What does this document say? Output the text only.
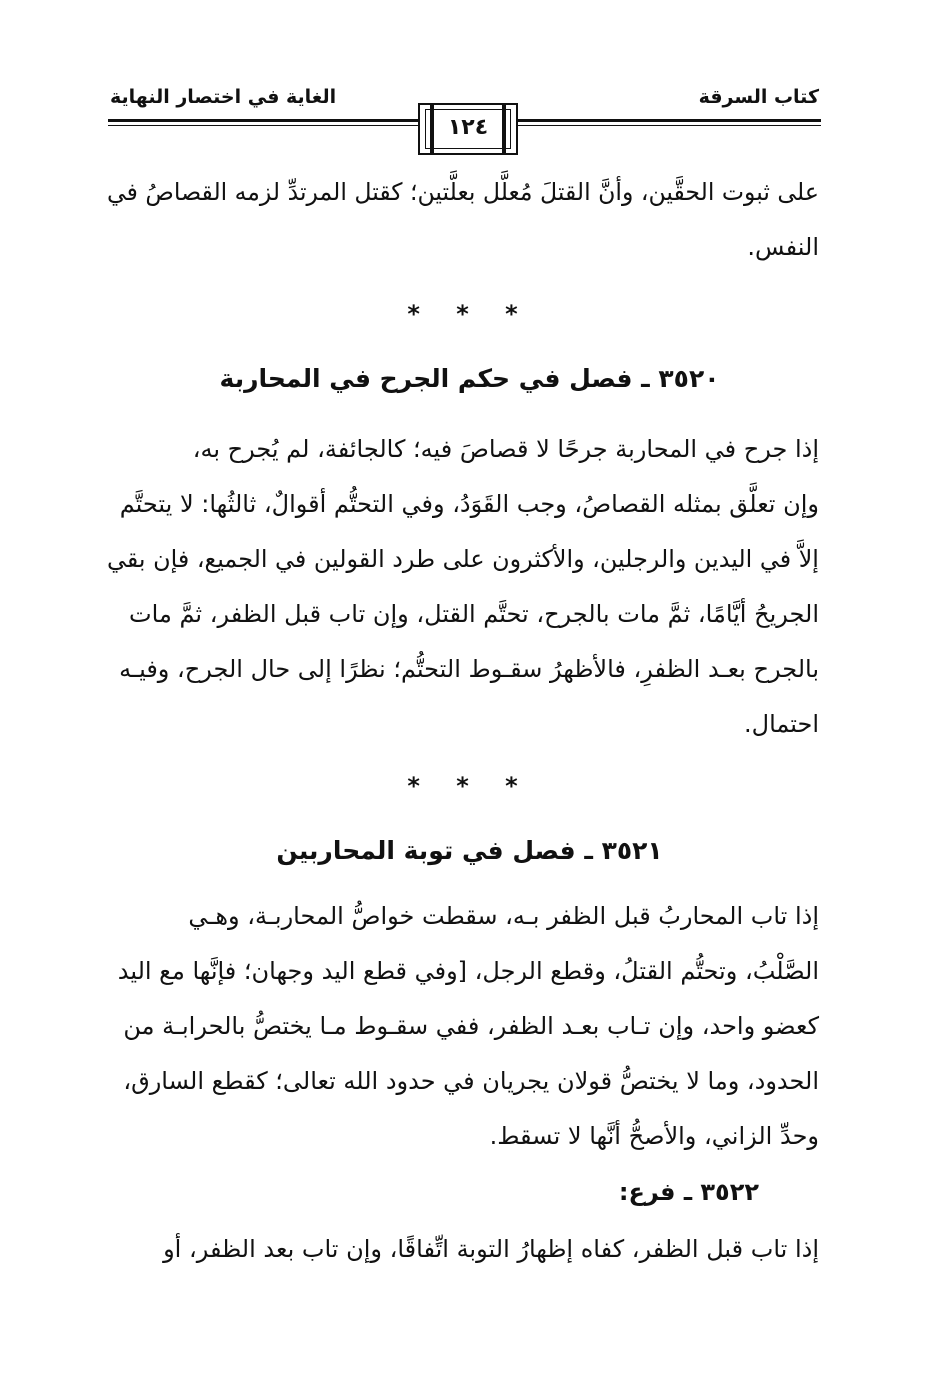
كتاب السرقة
الغاية في اختصار النهاية
١٢٤
على ثبوت الحقَّين، وأنَّ القتلَ مُعلَّل بعلَّتين؛ كقتل المرتدِّ لزمه القصاصُ في
النفس.
* * *
٣٥٢٠ ـ فصل في حكم الجرح في المحاربة
إذا جرح في المحاربة جرحًا لا قصاصَ فيه؛ كالجائفة، لم يُجرح به،
وإن تعلَّق بمثله القصاصُ، وجب القَوَدُ، وفي التحتُّم أقوالٌ، ثالثُها: لا يتحتَّم
إلاَّ في اليدين والرجلين، والأكثرون على طرد القولين في الجميع، فإن بقي
الجريحُ أيَّامًا، ثمَّ مات بالجرح، تحتَّم القتل، وإن تاب قبل الظفر، ثمَّ مات
بالجرح بعـد الظفرِ، فالأظهرُ سقـوط التحتُّم؛ نظرًا إلى حال الجرح، وفيـه
احتمال.
* * *
٣٥٢١ ـ فصل في توبة المحاربين
إذا تاب المحاربُ قبل الظفر بـه، سقطت خواصُّ المحاربـة، وهـي
الصَّلْبُ، وتحتُّم القتلُ، وقطع الرجل، [وفي قطع اليد وجهان؛ فإنَّها مع اليد
كعضو واحد، وإن تـاب بعـد الظفر، ففي سقـوط مـا يختصُّ بالحرابـة من
الحدود، وما لا يختصُّ قولان يجريان في حدود الله تعالى؛ كقطع السارق،
وحدِّ الزاني، والأصحُّ أنَّها لا تسقط.
٣٥٢٢ ـ فرع:
إذا تاب قبل الظفر، كفاه إظهارُ التوبة اتِّفاقًا، وإن تاب بعد الظفر، أو
